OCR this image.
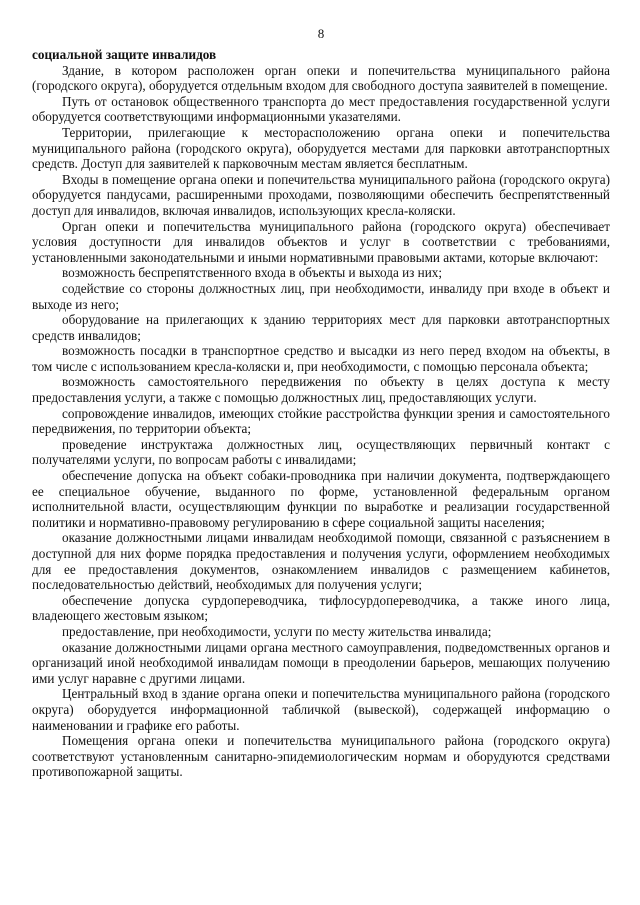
8

социальной защите инвалидов

Здание, в котором расположен орган опеки и попечительства муниципального района (городского округа), оборудуется отдельным входом для свободного доступа заявителей в помещение.

Путь от остановок общественного транспорта до мест предоставления государственной услуги оборудуется соответствующими информационными указателями.

Территории, прилегающие к месторасположению органа опеки и попечительства муниципального района (городского округа), оборудуется местами для парковки автотранспортных средств. Доступ для заявителей к парковочным местам является бесплатным.

Входы в помещение органа опеки и попечительства муниципального района (городского округа) оборудуется пандусами, расширенными проходами, позволяющими обеспечить беспрепятственный доступ для инвалидов, включая инвалидов, использующих кресла-коляски.

Орган опеки и попечительства муниципального района (городского округа) обеспечивает условия доступности для инвалидов объектов и услуг в соответствии с требованиями, установленными законодательными и иными нормативными правовыми актами, которые включают:

возможность беспрепятственного входа в объекты и выхода из них;

содействие со стороны должностных лиц, при необходимости, инвалиду при входе в объект и выходе из него;

оборудование на прилегающих к зданию территориях мест для парковки автотранспортных средств инвалидов;

возможность посадки в транспортное средство и высадки из него перед входом на объекты, в том числе с использованием кресла-коляски и, при необходимости, с помощью персонала объекта;

возможность самостоятельного передвижения по объекту в целях доступа к месту предоставления услуги, а также с помощью должностных лиц, предоставляющих услуги.

сопровождение инвалидов, имеющих стойкие расстройства функции зрения и самостоятельного передвижения, по территории объекта;

проведение инструктажа должностных лиц, осуществляющих первичный контакт с получателями услуги, по вопросам работы с инвалидами;

обеспечение допуска на объект собаки-проводника при наличии документа, подтверждающего ее специальное обучение, выданного по форме, установленной федеральным органом исполнительной власти, осуществляющим функции по выработке и реализации государственной политики и нормативно-правовому регулированию в сфере социальной защиты населения;

оказание должностными лицами инвалидам необходимой помощи, связанной с разъяснением в доступной для них форме порядка предоставления и получения услуги, оформлением необходимых для ее предоставления документов, ознакомлением инвалидов с размещением кабинетов, последовательностью действий, необходимых для получения услуги;

обеспечение допуска сурдопереводчика, тифлосурдопереводчика, а также иного лица, владеющего жестовым языком;

предоставление, при необходимости, услуги по месту жительства инвалида;

оказание должностными лицами органа местного самоуправления, подведомственных органов и организаций иной необходимой инвалидам помощи в преодолении барьеров, мешающих получению ими услуг наравне с другими лицами.

Центральный вход в здание органа опеки и попечительства муниципального района (городского округа) оборудуется информационной табличкой (вывеской), содержащей информацию о наименовании и графике его работы.

Помещения органа опеки и попечительства муниципального района (городского округа) соответствуют установленным санитарно-эпидемиологическим нормам и оборудуются средствами противопожарной защиты.
